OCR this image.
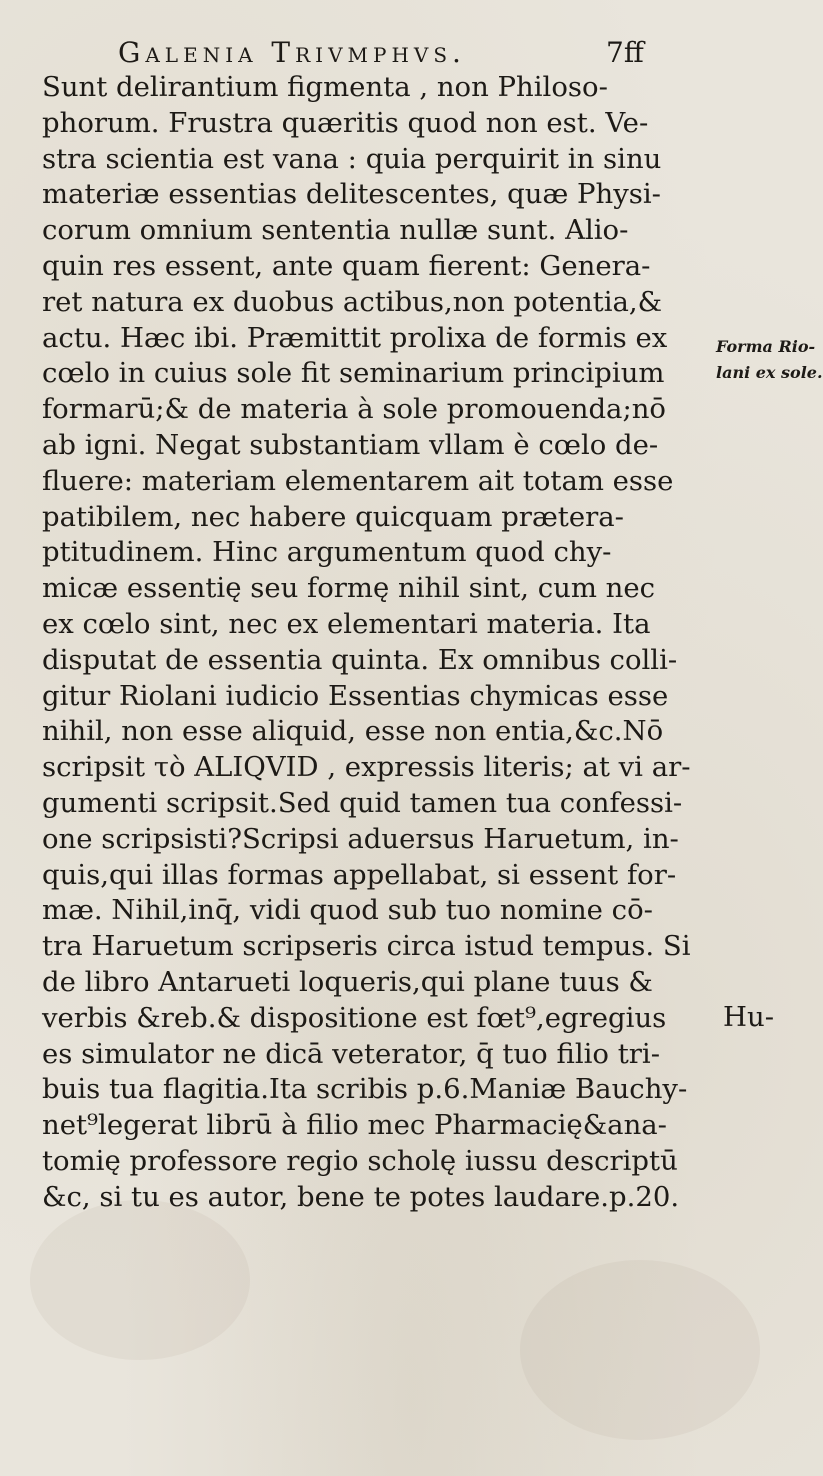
Galenia Trivmphvs.	7ff
Sunt delirantium figmenta , non Philoso-
phorum. Frustra quæritis quod non est. Ve-
stra scientia est vana : quia perquirit in sinu
materiæ essentias delitescentes, quæ Physi-
corum omnium sententia nullæ sunt. Alio-
quin res essent, ante quam fierent: Genera-
ret natura ex duobus actibus,non potentia,&
actu. Hæc ibi. Præmittit prolixa de formis ex
cœlo in cuius sole fit seminarium principium
formarū;& de materia à sole promouenda;nō
ab igni. Negat substantiam vllam è cœlo de-
fluere: materiam elementarem ait totam esse
patibilem, nec habere quicquam prætera-
ptitudinem. Hinc argumentum quod chy-
micæ essentię seu formę nihil sint, cum nec
ex cœlo sint, nec ex elementari materia. Ita
disputat de essentia quinta. Ex omnibus colli-
gitur Riolani iudicio Essentias chymicas esse
nihil, non esse aliquid, esse non entia,&c.Nō
scripsit τὸ ALIQVID , expressis literis; at vi ar-
gumenti scripsit.Sed quid tamen tua confessi-
one scripsisti?Scripsi aduersus Haruetum, in-
quis,qui illas formas appellabat, si essent for-
mæ. Nihil,inq̄, vidi quod sub tuo nomine cō-
tra Haruetum scripseris circa istud tempus. Si
de libro Antarueti loqueris,qui plane tuus &
verbis &reb.& dispositione est fœt⁹,egregius
es simulator ne dicā veterator, q̄ tuo filio tri-
buis tua flagitia.Ita scribis p.6.Maniæ Bauchy-
net⁹legerat librū à filio mec Pharmacię&ana-
tomię professore regio scholę iussu descriptū
&c, si tu es autor, bene te potes laudare.p.20.
Hu-
Forma Rio-
lani ex sole.
